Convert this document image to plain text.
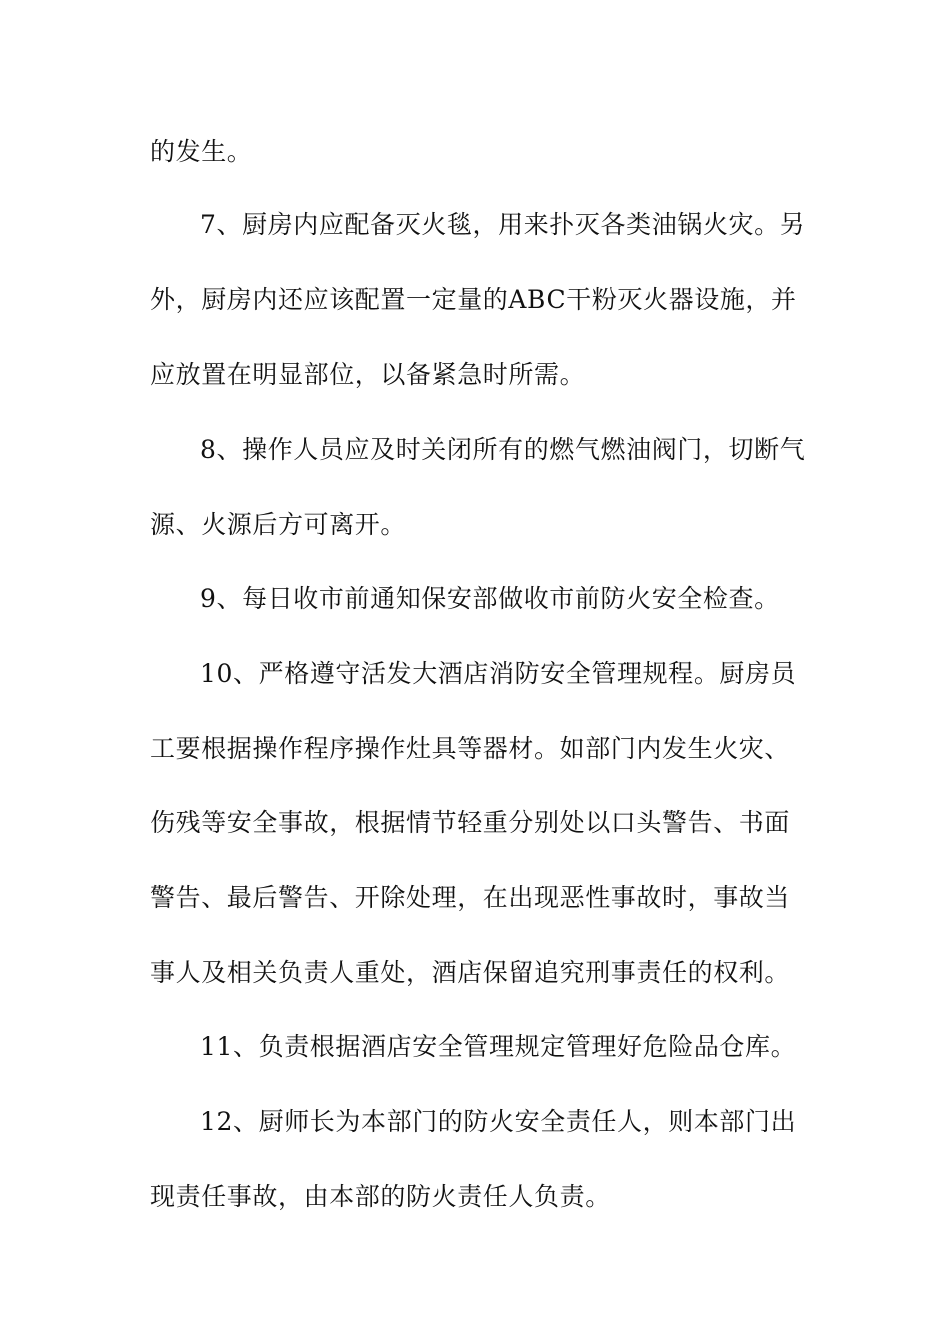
的发生。
7、厨房内应配备灭火毯，用来扑灭各类油锅火灾。另
外，厨房内还应该配置一定量的ABC干粉灭火器设施，并
应放置在明显部位，以备紧急时所需。
8、操作人员应及时关闭所有的燃气燃油阀门，切断气
源、火源后方可离开。
9、每日收市前通知保安部做收市前防火安全检查。
10、严格遵守活发大酒店消防安全管理规程。厨房员
工要根据操作程序操作灶具等器材。如部门内发生火灾、
伤残等安全事故，根据情节轻重分别处以口头警告、书面
警告、最后警告、开除处理，在出现恶性事故时，事故当
事人及相关负责人重处，酒店保留追究刑事责任的权利。
11、负责根据酒店安全管理规定管理好危险品仓库。
12、厨师长为本部门的防火安全责任人，则本部门出
现责任事故，由本部的防火责任人负责。
